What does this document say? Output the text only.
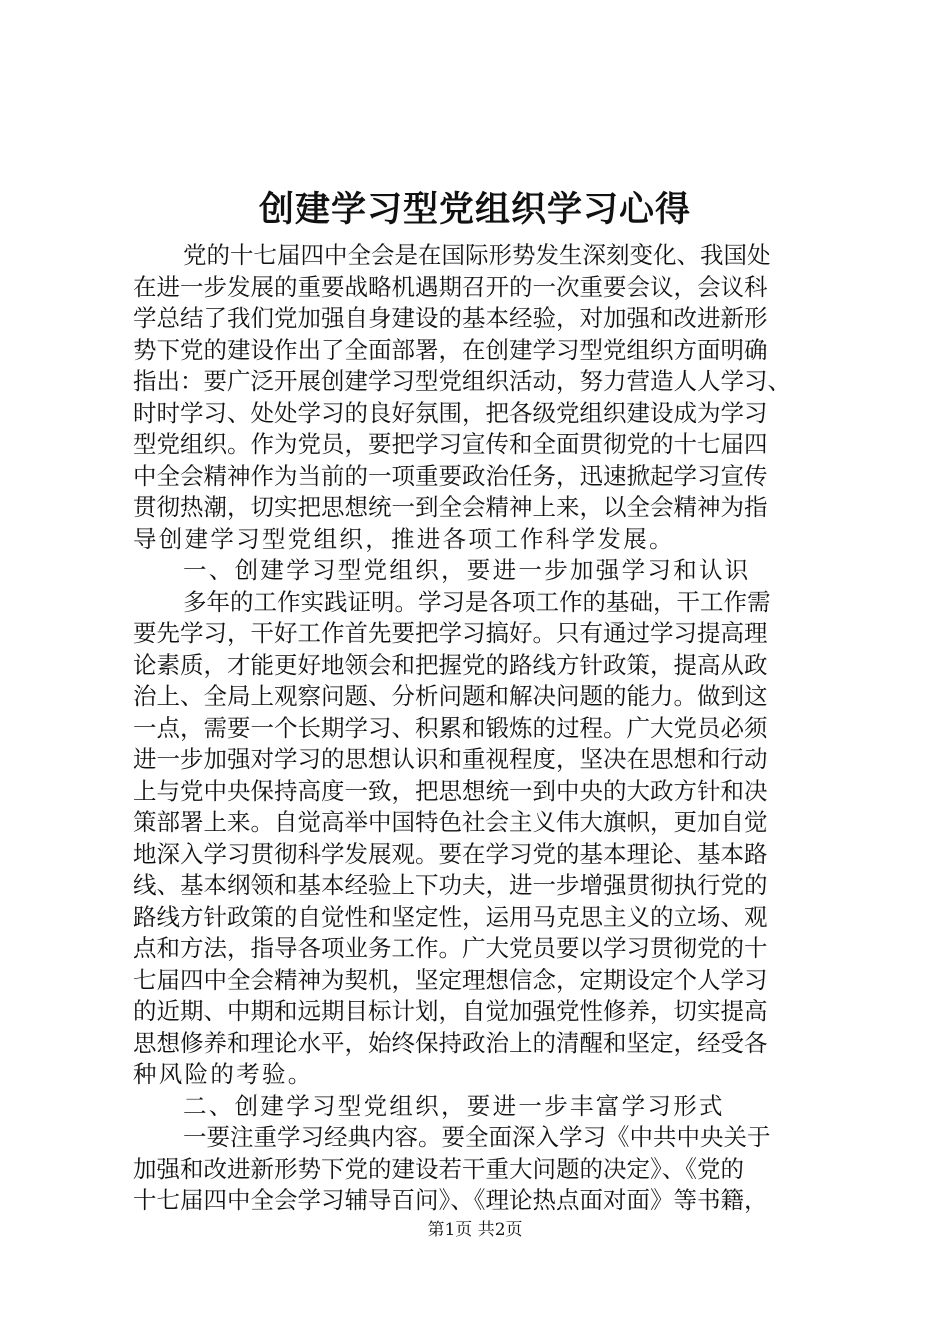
创建学习型党组织学习心得
党的十七届四中全会是在国际形势发生深刻变化、我国处
在进一步发展的重要战略机遇期召开的一次重要会议，会议科
学总结了我们党加强自身建设的基本经验，对加强和改进新形
势下党的建设作出了全面部署，在创建学习型党组织方面明确
指出：要广泛开展创建学习型党组织活动，努力营造人人学习、
时时学习、处处学习的良好氛围，把各级党组织建设成为学习
型党组织。作为党员，要把学习宣传和全面贯彻党的十七届四
中全会精神作为当前的一项重要政治任务，迅速掀起学习宣传
贯彻热潮，切实把思想统一到全会精神上来，以全会精神为指
导创建学习型党组织，推进各项工作科学发展。
一、创建学习型党组织，要进一步加强学习和认识
多年的工作实践证明。学习是各项工作的基础，干工作需
要先学习，干好工作首先要把学习搞好。只有通过学习提高理
论素质，才能更好地领会和把握党的路线方针政策，提高从政
治上、全局上观察问题、分析问题和解决问题的能力。做到这
一点，需要一个长期学习、积累和锻炼的过程。广大党员必须
进一步加强对学习的思想认识和重视程度，坚决在思想和行动
上与党中央保持高度一致，把思想统一到中央的大政方针和决
策部署上来。自觉高举中国特色社会主义伟大旗帜，更加自觉
地深入学习贯彻科学发展观。要在学习党的基本理论、基本路
线、基本纲领和基本经验上下功夫，进一步增强贯彻执行党的
路线方针政策的自觉性和坚定性，运用马克思主义的立场、观
点和方法，指导各项业务工作。广大党员要以学习贯彻党的十
七届四中全会精神为契机，坚定理想信念，定期设定个人学习
的近期、中期和远期目标计划，自觉加强党性修养，切实提高
思想修养和理论水平，始终保持政治上的清醒和坚定，经受各
种风险的考验。
二、创建学习型党组织，要进一步丰富学习形式
一要注重学习经典内容。要全面深入学习《中共中央关于
加强和改进新形势下党的建设若干重大问题的决定》、《党的
十七届四中全会学习辅导百问》、《理论热点面对面》等书籍，
第1页 共2页
